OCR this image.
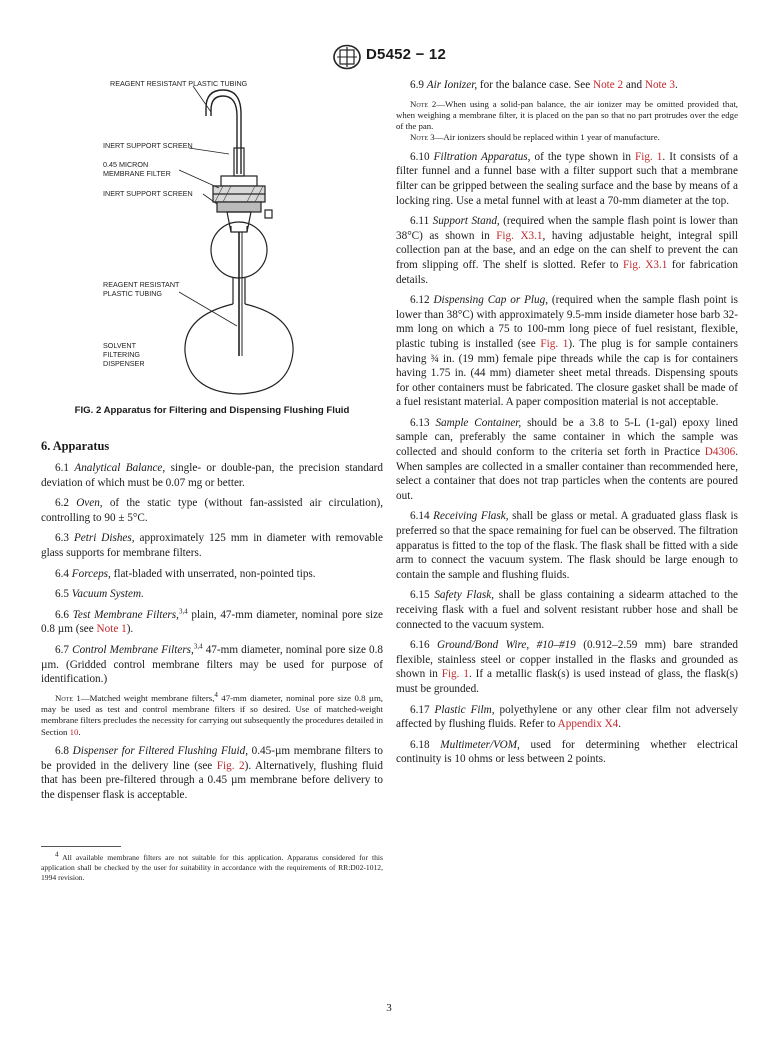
D5452 − 12
REAGENT RESISTANT PLASTIC TUBING
INERT SUPPORT SCREEN
0.45 MICRON
MEMBRANE FILTER
INERT SUPPORT SCREEN
REAGENT RESISTANT
PLASTIC TUBING
SOLVENT
FILTERING
DISPENSER
FIG. 2 Apparatus for Filtering and Dispensing Flushing Fluid
6. Apparatus

6.1 Analytical Balance, single- or double-pan, the precision standard deviation of which must be 0.07 mg or better.

6.2 Oven, of the static type (without fan-assisted air circulation), controlling to 90 ± 5°C.

6.3 Petri Dishes, approximately 125 mm in diameter with removable glass supports for membrane filters.

6.4 Forceps, flat-bladed with unserrated, non-pointed tips.

6.5 Vacuum System.

6.6 Test Membrane Filters,$^{3,4}$ plain, 47-mm diameter, nominal pore size 0.8 µm (see Note 1).

6.7 Control Membrane Filters,$^{3,4}$ 47-mm diameter, nominal pore size 0.8 µm. (Gridded control membrane filters may be used for purpose of identification.)

Note 1—Matched weight membrane filters,$^4$ 47-mm diameter, nominal pore size 0.8 µm, may be used as test and control membrane filters if so desired. Use of matched-weight membrane filters precludes the necessity for carrying out subsequently the procedures detailed in Section 10.

6.8 Dispenser for Filtered Flushing Fluid, 0.45-µm membrane filters to be provided in the delivery line (see Fig. 2). Alternatively, flushing fluid that has been pre-filtered through a 0.45 µm membrane before delivery to the dispenser flask is acceptable.

$^4$ All available membrane filters are not suitable for this application. Apparatus considered for this application shall be checked by the user for suitability in accordance with the requirements of RR:D02-1012, 1994 revision.

6.9 Air Ionizer, for the balance case. See Note 2 and Note 3.

Note 2—When using a solid-pan balance, the air ionizer may be omitted provided that, when weighing a membrane filter, it is placed on the pan so that no part protrudes over the edge of the pan.

Note 3—Air ionizers should be replaced within 1 year of manufacture.

6.10 Filtration Apparatus, of the type shown in Fig. 1. It consists of a filter funnel and a funnel base with a filter support such that a membrane filter can be gripped between the sealing surface and the base by means of a locking ring. Use a metal funnel with at least a 70-mm diameter at the top.

6.11 Support Stand, (required when the sample flash point is lower than 38°C) as shown in Fig. X3.1, having adjustable height, integral spill collection pan at the base, and an edge on the can shelf to prevent the can from slipping off. The shelf is slotted. Refer to Fig. X3.1 for fabrication details.

6.12 Dispensing Cap or Plug, (required when the sample flash point is lower than 38°C) with approximately 9.5-mm inside diameter hose barb 32-mm long on which a 75 to 100-mm long piece of fuel resistant, flexible, plastic tubing is installed (see Fig. 1). The plug is for sample containers having ¾ in. (19 mm) female pipe threads while the cap is for containers having 1.75 in. (44 mm) diameter sheet metal threads. Dispensing spouts for other containers must be fabricated. The closure gasket shall be made of a fuel resistant material. A paper composition material is not acceptable.

6.13 Sample Container, should be a 3.8 to 5-L (1-gal) epoxy lined sample can, preferably the same container in which the sample was collected and should conform to the criteria set forth in Practice D4306. When samples are collected in a smaller container than recommended here, select a container that does not trap particles when the contents are poured out.

6.14 Receiving Flask, shall be glass or metal. A graduated glass flask is preferred so that the space remaining for fuel can be observed. The filtration apparatus is fitted to the top of the flask. The flask shall be fitted with a side arm to connect the vacuum system. The flask should be large enough to contain the sample and flushing fluids.

6.15 Safety Flask, shall be glass containing a sidearm attached to the receiving flask with a fuel and solvent resistant rubber hose and shall be connected to the vacuum system.

6.16 Ground/Bond Wire, #10–#19 (0.912–2.59 mm) bare stranded flexible, stainless steel or copper installed in the flasks and grounded as shown in Fig. 1. If a metallic flask(s) is used instead of glass, the flask(s) must be grounded.

6.17 Plastic Film, polyethylene or any other clear film not adversely affected by flushing fluids. Refer to Appendix X4.

6.18 Multimeter/VOM, used for determining whether electrical continuity is 10 ohms or less between 2 points.

3
